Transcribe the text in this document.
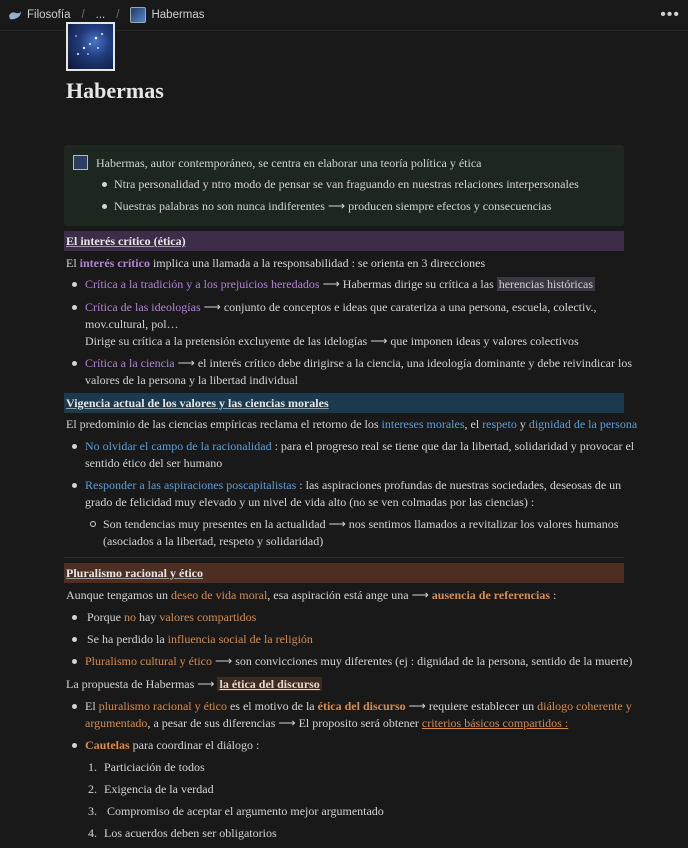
Filosofía / ... /	Habermas	•••
Habermas
Habermas, autor contemporáneo, se centra en elaborar una teoría política y ética
Ntra personalidad y ntro modo de pensar se van fraguando en nuestras relaciones interpersonales
Nuestras palabras no son nunca indiferentes ⟶ producen siempre efectos y consecuencias
El interés crítico (ética)
El interés crítico implica una llamada a la responsabilidad : se orienta en 3 direcciones
Crítica a la tradición y a los prejuicios heredados ⟶ Habermas dirige su crítica a las herencias históricas
Crítica de las ideologías ⟶ conjunto de conceptos e ideas que carateriza a una persona, escuela, colectiv.,
mov.cultural, pol…
Dirige su crítica a la pretensión excluyente de las idelogías ⟶ que imponen ideas y valores colectivos
Crítica a la ciencia ⟶ el interés crítico debe dirigirse a la ciencia, una ideología dominante y debe reivindicar los
valores de la persona y la libertad individual
Vigencia actual de los valores y las ciencias morales
El predominio de las ciencias empíricas reclama el retorno de los intereses morales, el respeto y dignidad de la persona
No olvidar el campo de la racionalidad : para el progreso real se tiene que dar la libertad, solidaridad y provocar el
sentido ético del ser humano
Responder a las aspiraciones poscapitalistas : las aspiraciones profundas de nuestras sociedades, deseosas de un
grado de felicidad muy elevado y un nivel de vida alto (no se ven colmadas por las ciencias) :
Son tendencias muy presentes en la actualidad ⟶ nos sentimos llamados a revitalizar los valores humanos
(asociados a la libertad, respeto y solidaridad)
Pluralismo racional y ético
Aunque tengamos un deseo de vida moral, esa aspiración está ange una ⟶ ausencia de referencias :
Porque no hay valores compartidos
Se ha perdido la influencia social de la religión
Pluralismo cultural y ético ⟶ son convicciones muy diferentes (ej : dignidad de la persona, sentido de la muerte)
La propuesta de Habermas ⟶ la ética del discurso
El pluralismo racional y ético es el motivo de la ética del discurso ⟶ requiere establecer un diálogo coherente y
argumentado, a pesar de sus diferencias ⟶ El proposito será obtener criterios básicos compartidos :
Cautelas para coordinar el diálogo :
1. Particiación de todos
2. Exigencia de la verdad
3. Compromiso de aceptar el argumento mejor argumentado
4. Los acuerdos deben ser obligatorios
